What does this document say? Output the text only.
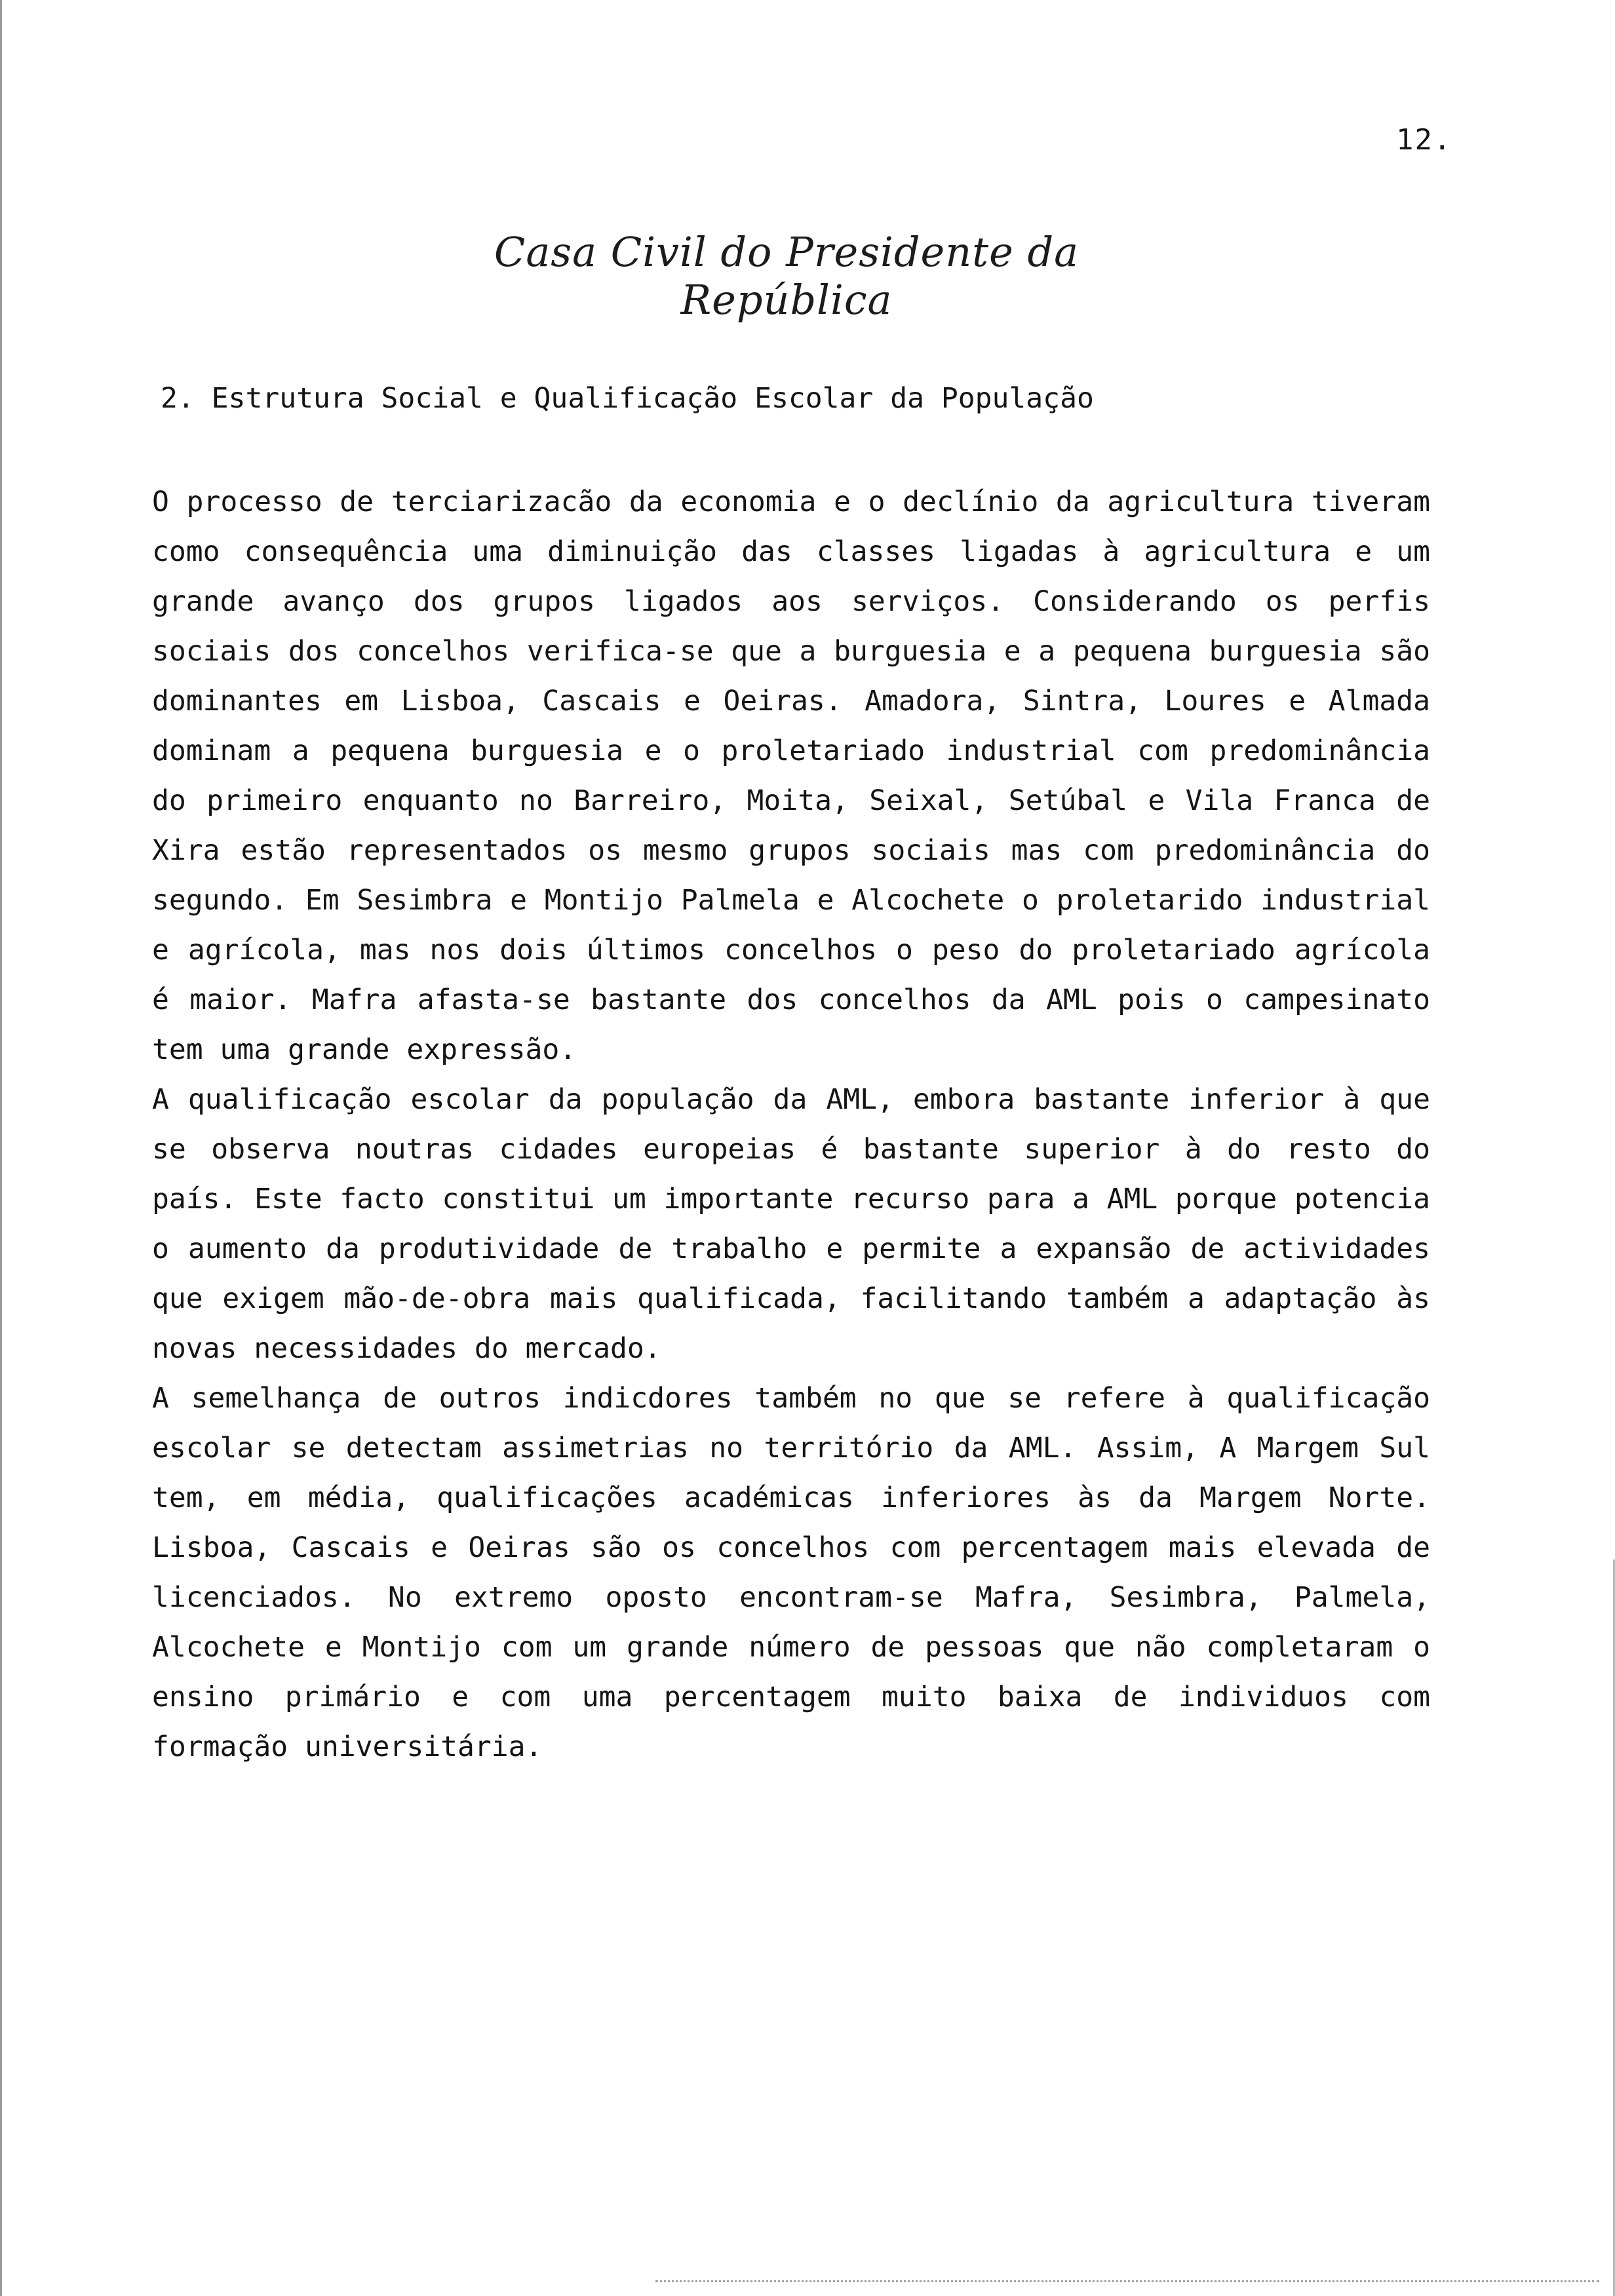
12.
Casa Civil do Presidente da República
2. Estrutura Social e Qualificação Escolar da População

O processo de terciarizacão da economia e o declínio da agricultura tiveram como consequência uma diminuição das classes ligadas à agricultura e um grande avanço dos grupos ligados aos serviços. Considerando os perfis sociais dos concelhos verifica-se que a burguesia e a pequena burguesia são dominantes em Lisboa, Cascais e Oeiras. Amadora, Sintra, Loures e Almada dominam a pequena burguesia e o proletariado industrial com predominância do primeiro enquanto no Barreiro, Moita, Seixal, Setúbal e Vila Franca de Xira estão representados os mesmo grupos sociais mas com predominância do segundo. Em Sesimbra e Montijo Palmela e Alcochete o proletarido industrial e agrícola, mas nos dois últimos concelhos o peso do proletariado agrícola é maior. Mafra afasta-se bastante dos concelhos da AML pois o campesinato tem uma grande expressão.

A qualificação escolar da população da AML, embora bastante inferior à que se observa noutras cidades europeias é bastante superior à do resto do país. Este facto constitui um importante recurso para a AML porque potencia o aumento da produtividade de trabalho e permite a expansão de actividades que exigem mão-de-obra mais qualificada, facilitando também a adaptação às novas necessidades do mercado.

A semelhança de outros indicdores também no que se refere à qualificação escolar se detectam assimetrias no território da AML. Assim, A Margem Sul tem, em média, qualificações académicas inferiores às da Margem Norte. Lisboa, Cascais e Oeiras são os concelhos com percentagem mais elevada de licenciados. No extremo oposto encontram-se Mafra, Sesimbra, Palmela, Alcochete e Montijo com um grande número de pessoas que não completaram o ensino primário e com uma percentagem muito baixa de individuos com formação universitária.
